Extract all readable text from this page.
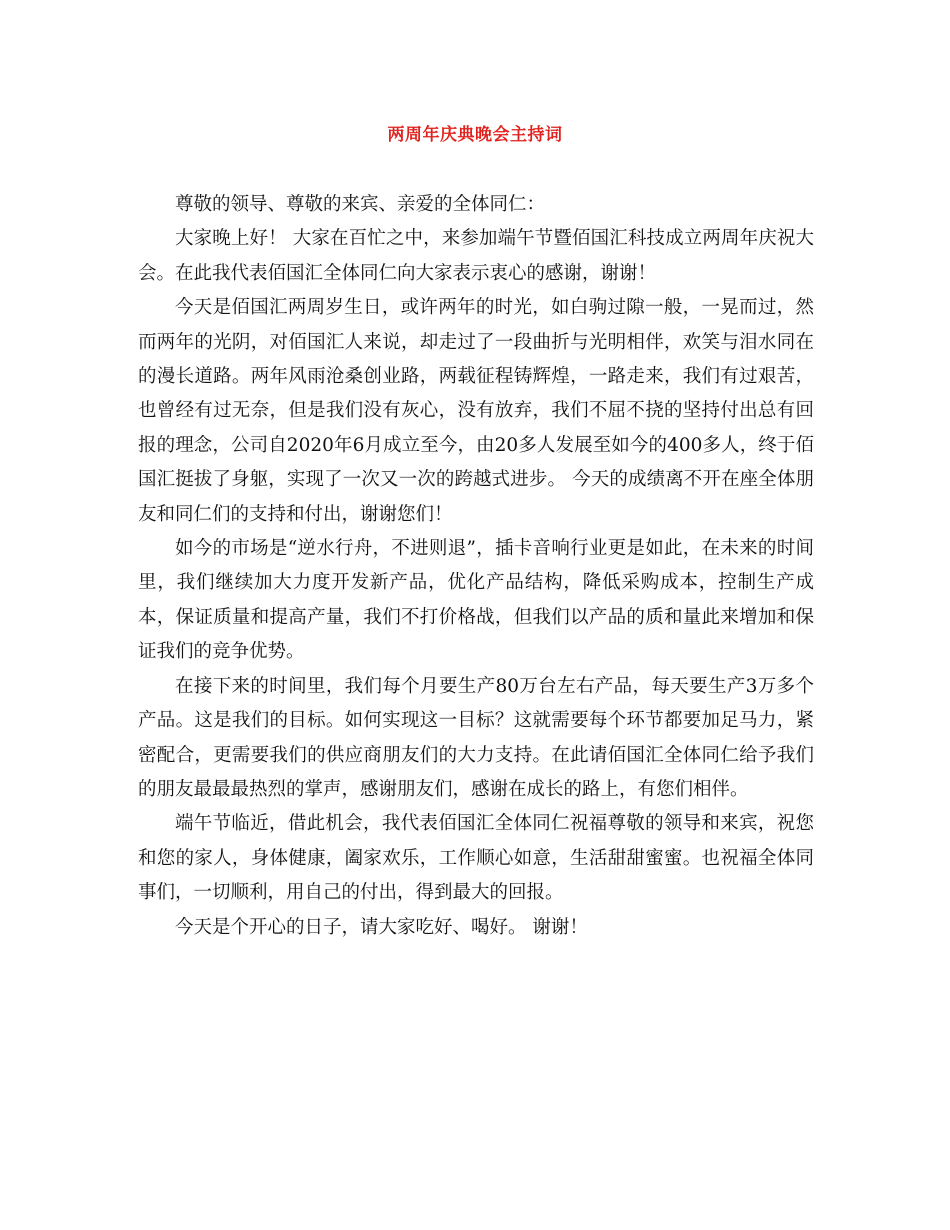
两周年庆典晚会主持词

尊敬的领导、尊敬的来宾、亲爱的全体同仁：

大家晚上好！ 大家在百忙之中，来参加端午节暨佰国汇科技成立两周年庆祝大会。在此我代表佰国汇全体同仁向大家表示衷心的感谢，谢谢！

今天是佰国汇两周岁生日，或许两年的时光，如白驹过隙一般，一晃而过，然而两年的光阴，对佰国汇人来说，却走过了一段曲折与光明相伴，欢笑与泪水同在的漫长道路。两年风雨沧桑创业路，两载征程铸辉煌，一路走来，我们有过艰苦，也曾经有过无奈，但是我们没有灰心，没有放弃，我们不屈不挠的坚持付出总有回报的理念，公司自2020年6月成立至今，由20多人发展至如今的400多人，终于佰国汇挺拔了身躯，实现了一次又一次的跨越式进步。 今天的成绩离不开在座全体朋友和同仁们的支持和付出，谢谢您们！

如今的市场是“逆水行舟，不进则退”，插卡音响行业更是如此，在未来的时间里，我们继续加大力度开发新产品，优化产品结构，降低采购成本，控制生产成本，保证质量和提高产量，我们不打价格战，但我们以产品的质和量此来增加和保证我们的竞争优势。

在接下来的时间里，我们每个月要生产80万台左右产品，每天要生产3万多个产品。这是我们的目标。如何实现这一目标？这就需要每个环节都要加足马力，紧密配合，更需要我们的供应商朋友们的大力支持。在此请佰国汇全体同仁给予我们的朋友最最最热烈的掌声，感谢朋友们，感谢在成长的路上，有您们相伴。

端午节临近，借此机会，我代表佰国汇全体同仁祝福尊敬的领导和来宾，祝您和您的家人，身体健康，阖家欢乐，工作顺心如意，生活甜甜蜜蜜。也祝福全体同事们，一切顺利，用自己的付出，得到最大的回报。

今天是个开心的日子，请大家吃好、喝好。 谢谢！
